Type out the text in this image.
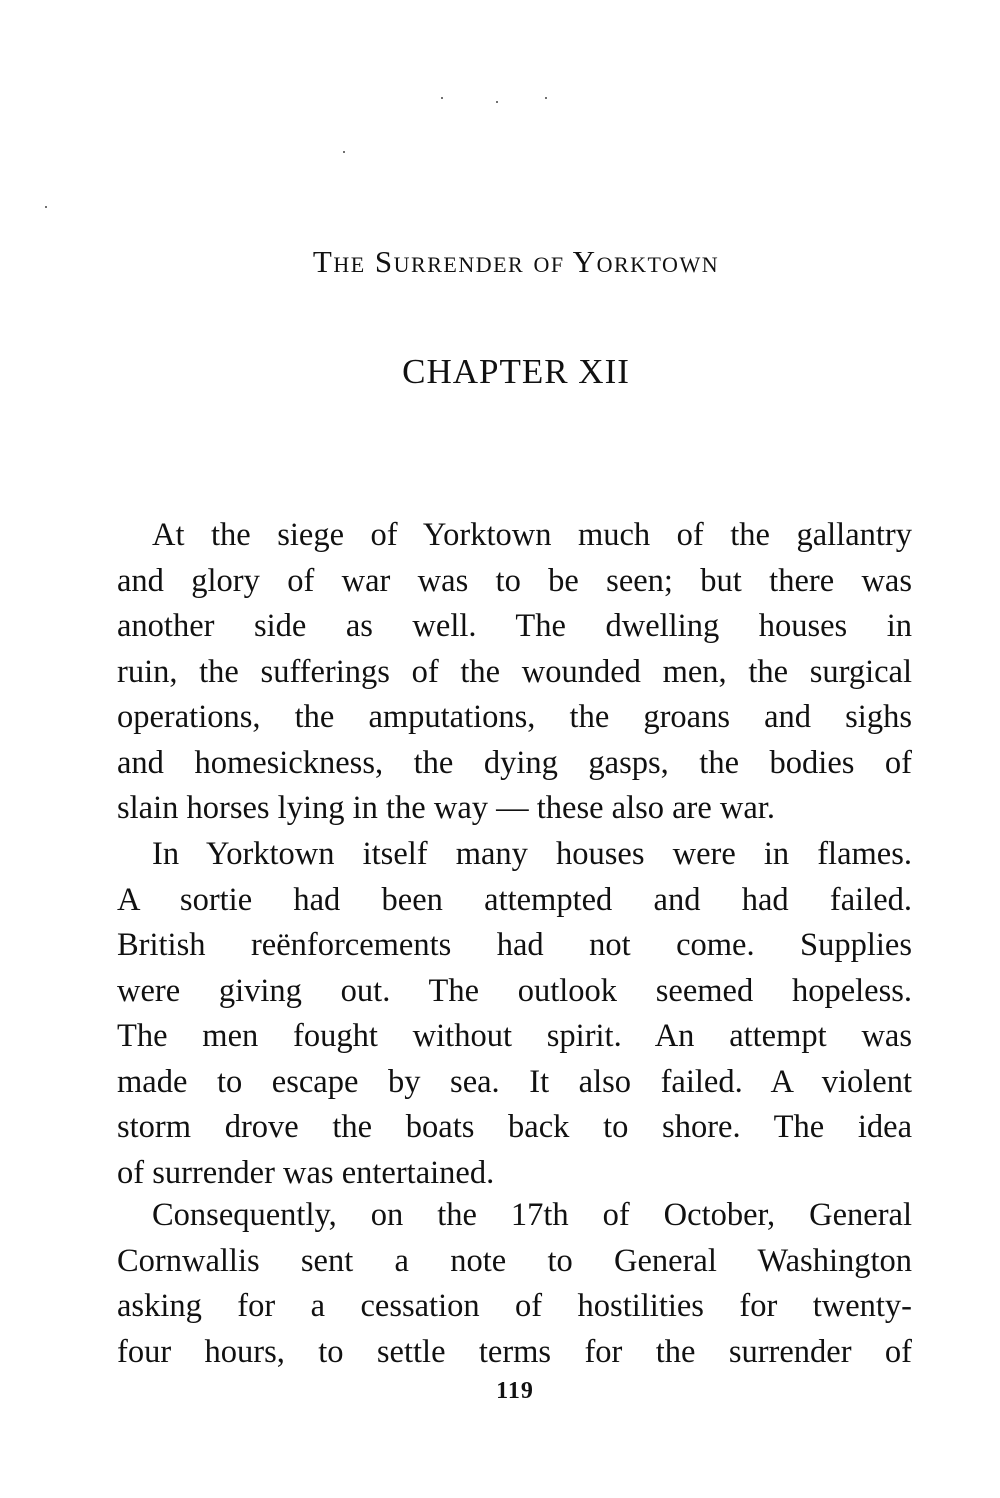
CHAPTER XII
The Surrender of Yorktown
At the siege of Yorktown much of the gallantry
and glory of war was to be seen; but there was
another side as well. The dwelling houses in
ruin, the sufferings of the wounded men, the surgical
operations, the amputations, the groans and sighs
and homesickness, the dying gasps, the bodies of
slain horses lying in the way — these also are war.
In Yorktown itself many houses were in flames.
A sortie had been attempted and had failed.
British reënforcements had not come. Supplies
were giving out. The outlook seemed hopeless.
The men fought without spirit. An attempt was
made to escape by sea. It also failed. A violent
storm drove the boats back to shore. The idea
of surrender was entertained.
Consequently, on the 17th of October, General
Cornwallis sent a note to General Washington
asking for a cessation of hostilities for twenty-
four hours, to settle terms for the surrender of
119
